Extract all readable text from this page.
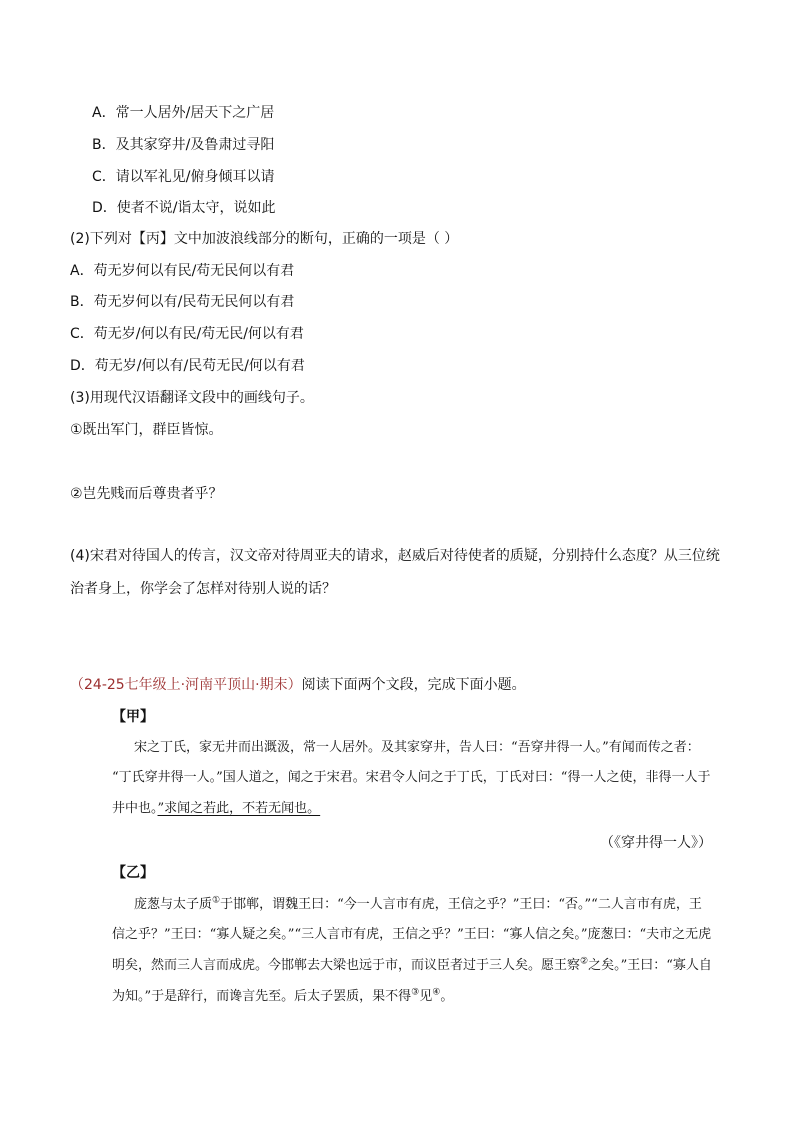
A．常一人居外/居天下之广居
B．及其家穿井/及鲁肃过寻阳
C．请以军礼见/俯身倾耳以请
D．使者不说/诣太守，说如此
(2)下列对【丙】文中加波浪线部分的断句，正确的一项是（ ）
A．苟无岁何以有民/苟无民何以有君
B．苟无岁何以有/民苟无民何以有君
C．苟无岁/何以有民/苟无民/何以有君
D．苟无岁/何以有/民苟无民/何以有君
(3)用现代汉语翻译文段中的画线句子。
①既出军门，群臣皆惊。
②岂先贱而后尊贵者乎？
(4)宋君对待国人的传言，汉文帝对待周亚夫的请求，赵威后对待使者的质疑，分别持什么态度？从三位统
治者身上，你学会了怎样对待别人说的话？
（24-25七年级上·河南平顶山·期末）阅读下面两个文段，完成下面小题。
【甲】
宋之丁氏，家无井而出溉汲，常一人居外。及其家穿井，告人曰：“吾穿井得一人。”有闻而传之者：
“丁氏穿井得一人。”国人道之，闻之于宋君。宋君令人问之于丁氏，丁氏对曰：“得一人之使，非得一人于
井中也。”求闻之若此，不若无闻也。
（《穿井得一人》）
【乙】
庞葱与太子质①于邯郸，谓魏王曰：“今一人言市有虎，王信之乎？”王曰：“否。”“二人言市有虎，王
信之乎？”王曰：“寡人疑之矣。”“三人言市有虎，王信之乎？”王曰：“寡人信之矣。”庞葱曰：“夫市之无虎
明矣，然而三人言而成虎。今邯郸去大梁也远于市，而议臣者过于三人矣。愿王察②之矣。”王曰：“寡人自
为知。”于是辞行，而谗言先至。后太子罢质，果不得③见④。
